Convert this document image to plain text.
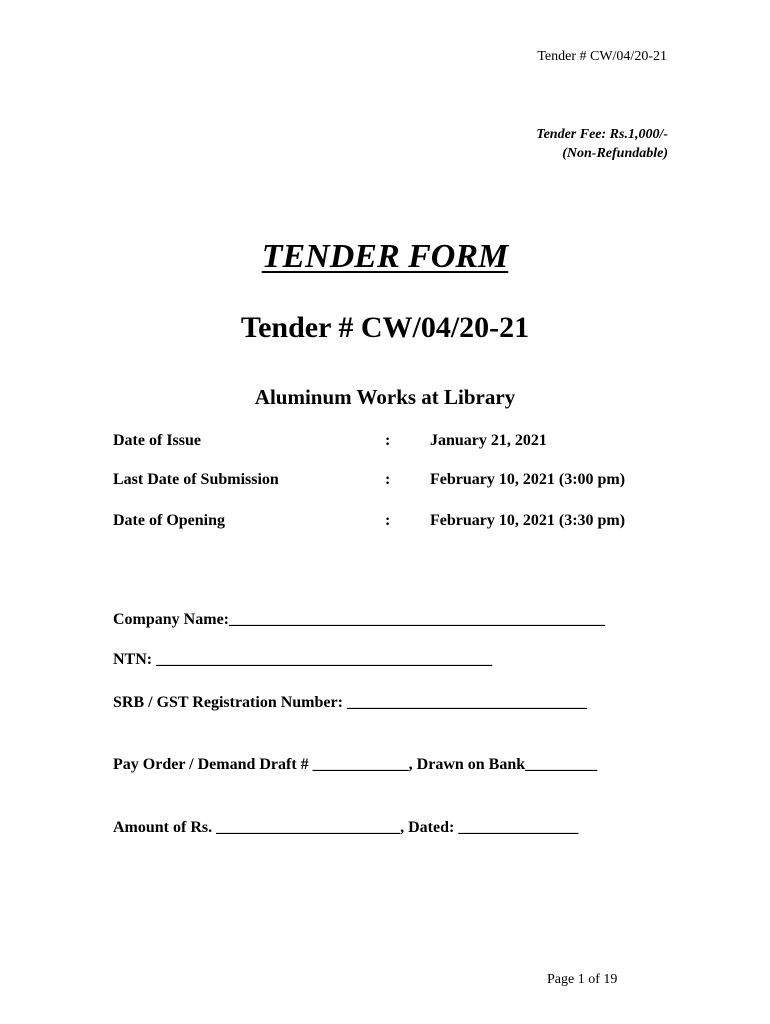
Tender # CW/04/20-21
Tender Fee: Rs.1,000/-
(Non-Refundable)
TENDER FORM
Tender # CW/04/20-21
Aluminum Works at Library
Date of Issue	: January 21, 2021
Last Date of Submission	: February 10, 2021 (3:00 pm)
Date of Opening	: February 10, 2021 (3:30 pm)
Company Name:_______________________________________________
NTN: __________________________________________
SRB / GST Registration Number: ______________________________
Pay Order / Demand Draft # ____________, Drawn on Bank_________
Amount of Rs. _______________________, Dated: _______________
Page 1 of 19
